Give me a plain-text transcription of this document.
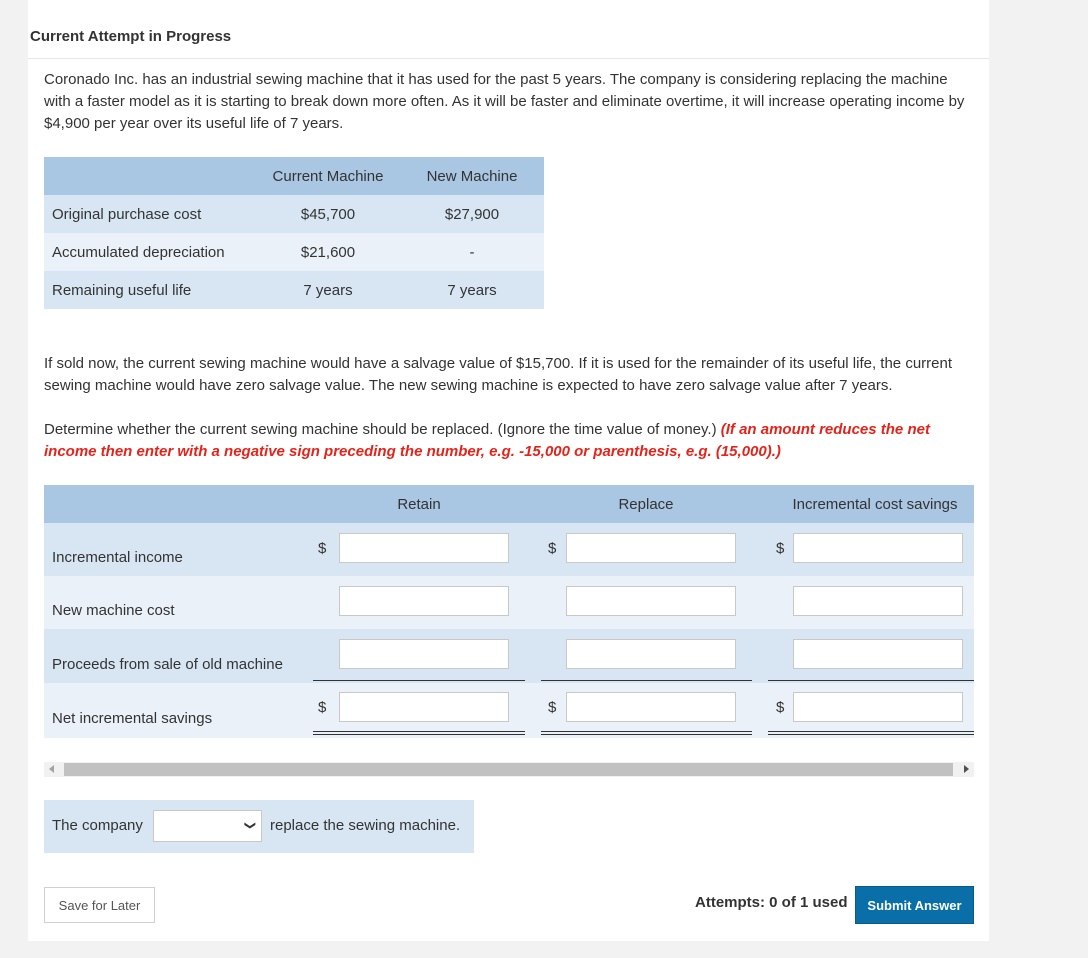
Current Attempt in Progress
Coronado Inc. has an industrial sewing machine that it has used for the past 5 years. The company is considering replacing the machine with a faster model as it is starting to break down more often. As it will be faster and eliminate overtime, it will increase operating income by $4,900 per year over its useful life of 7 years.
Current Machine	New Machine
Original purchase cost	$45,700	$27,900
Accumulated depreciation	$21,600	-
Remaining useful life	7 years	7 years
If sold now, the current sewing machine would have a salvage value of $15,700. If it is used for the remainder of its useful life, the current sewing machine would have zero salvage value. The new sewing machine is expected to have zero salvage value after 7 years.
Determine whether the current sewing machine should be replaced. (Ignore the time value of money.) (If an amount reduces the net income then enter with a negative sign preceding the number, e.g. -15,000 or parenthesis, e.g. (15,000).)
Retain	Replace	Incremental cost savings
Incremental income
$	$	$
New machine cost
Proceeds from sale of old machine
Net incremental savings
$	$	$
The company	❯ replace the sewing machine.
Save for Later	Attempts: 0 of 1 used	Submit Answer
